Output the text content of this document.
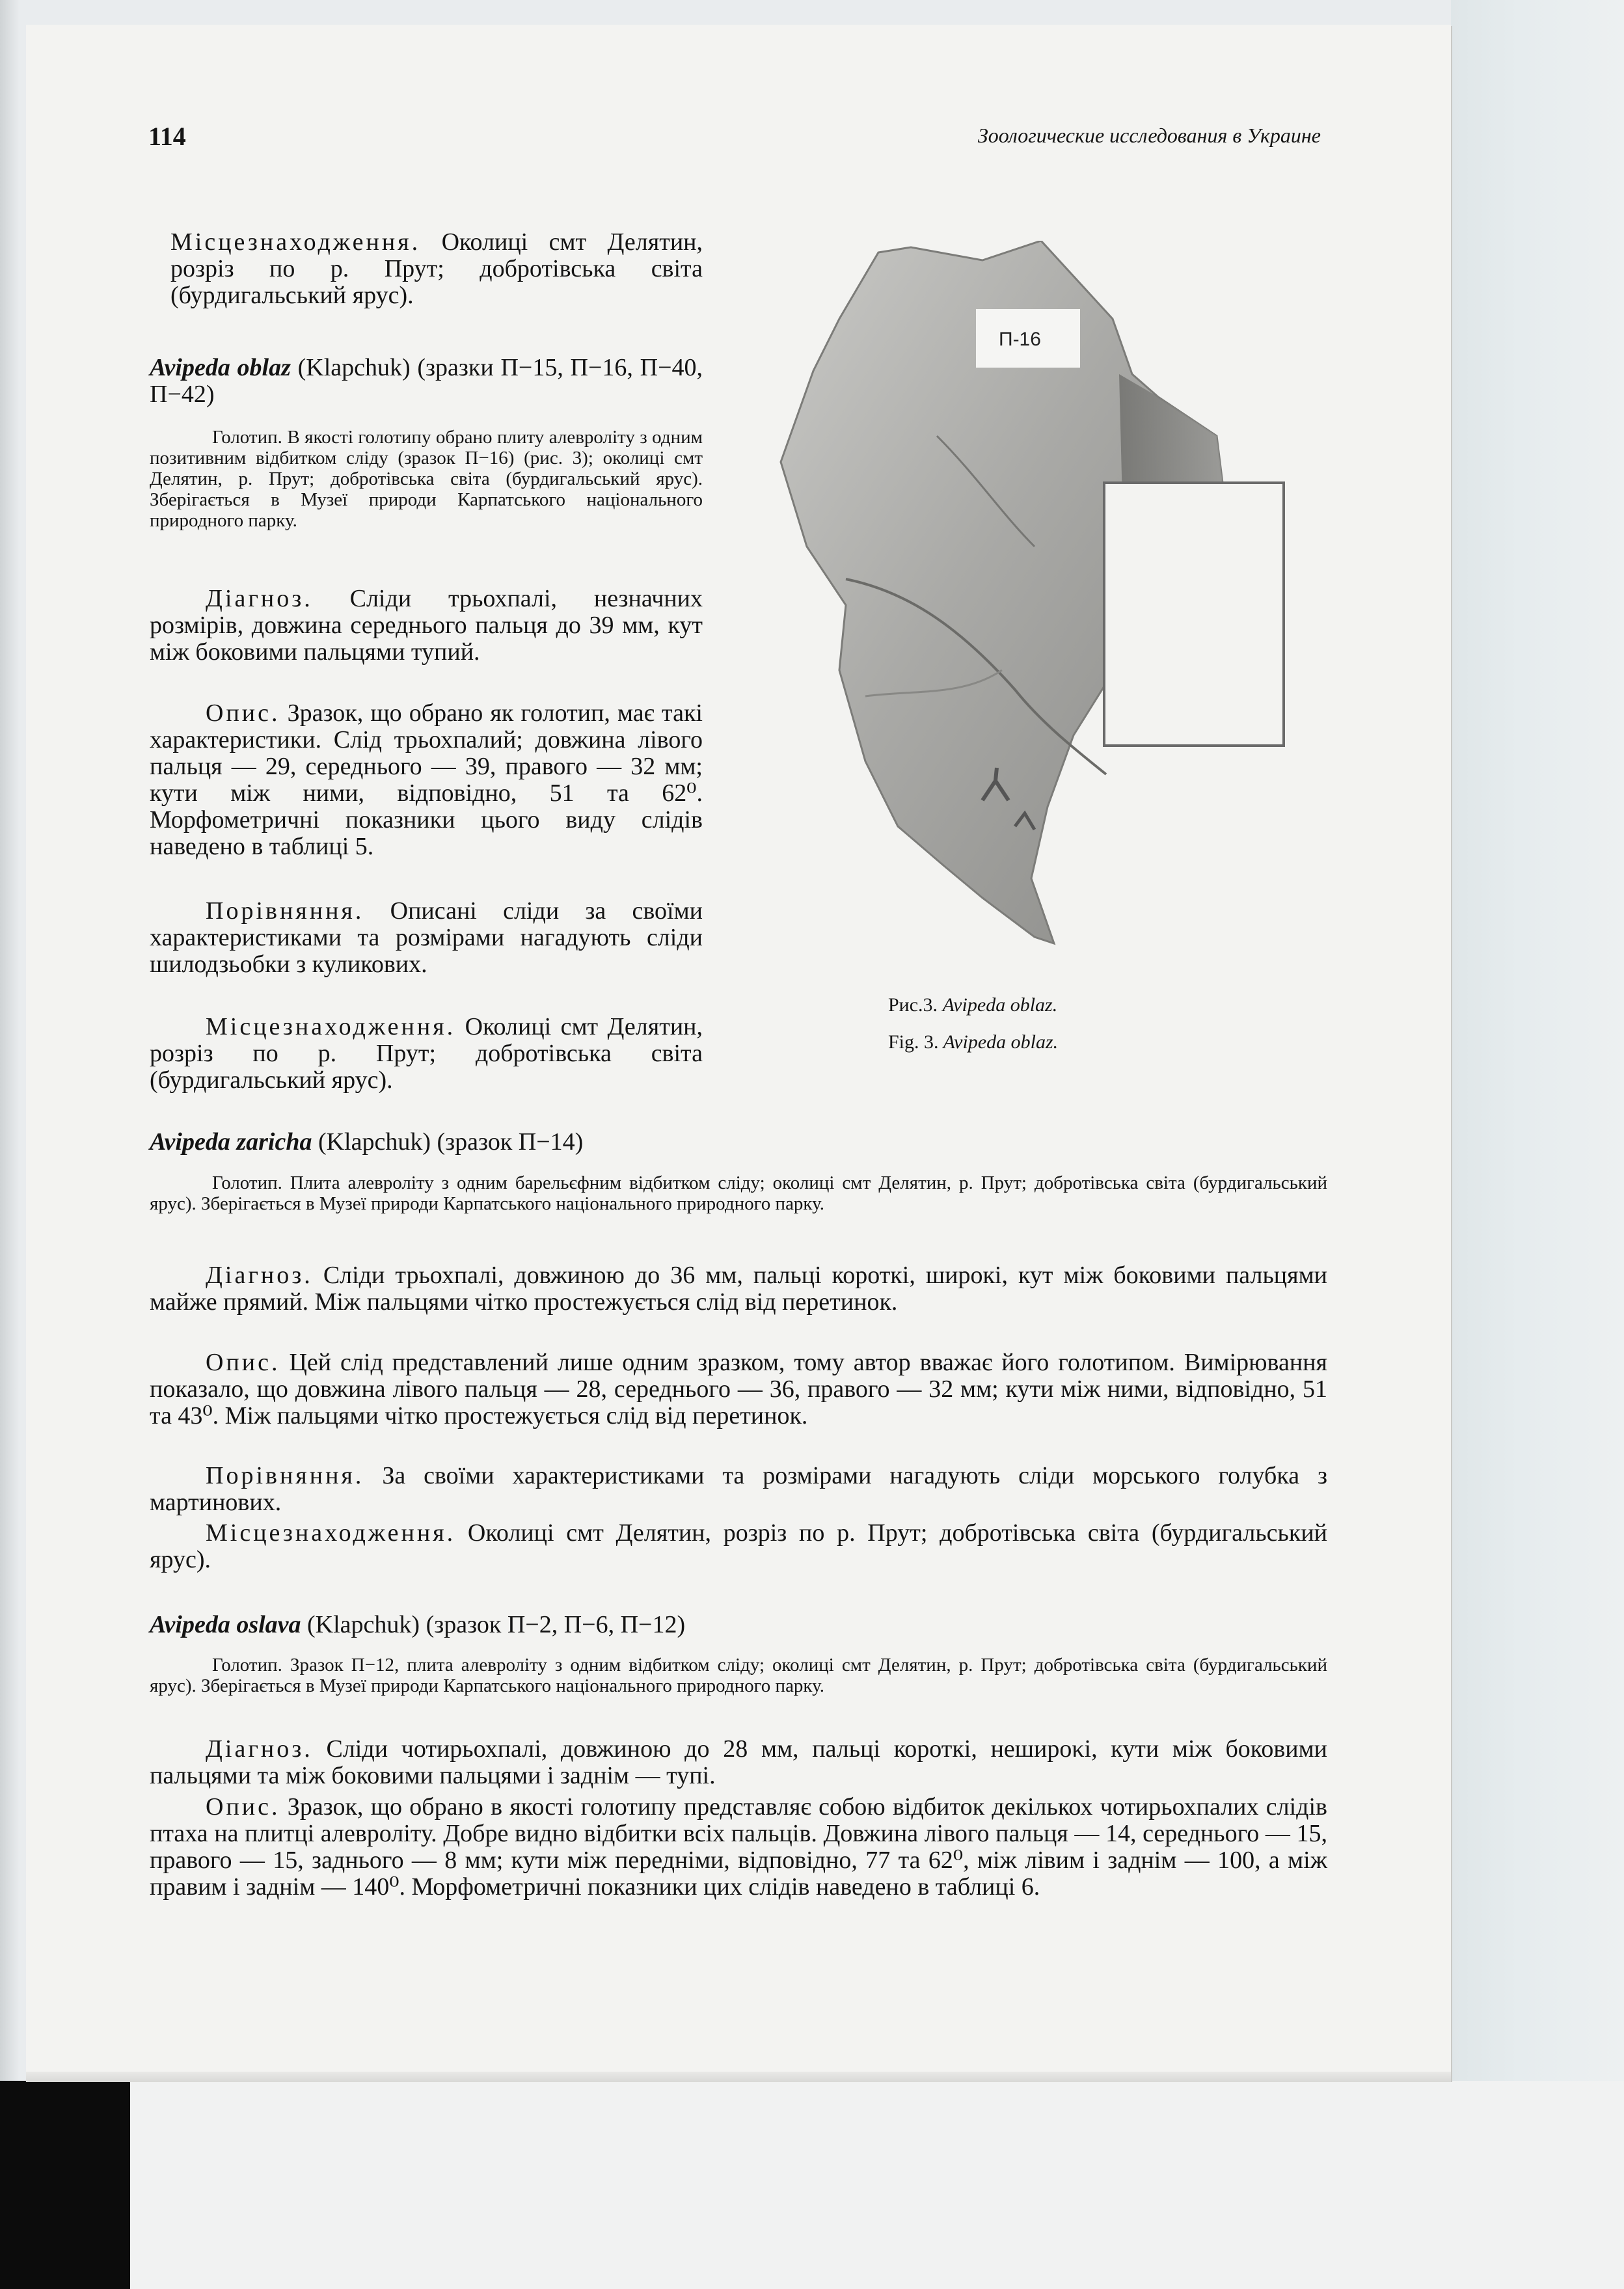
114	Зоологические исследования в Украине

Місцезнаходження. Околиці смт Делятин, розріз по р. Прут; добротівська світа (бурдигальський ярус).

Avipeda oblaz (Klapchuk) (зразки П−15, П−16, П−40, П−42)

Голотип. В якості голотипу обрано плиту алевроліту з одним позитивним відбитком сліду (зразок П−16) (рис. 3); околиці смт Делятин, р. Прут; добротівська світа (бурдигальський ярус). Зберігається в Музеї природи Карпатського національного природного парку.

Діагноз. Сліди трьохпалі, незначних розмірів, довжина середнього пальця до 39 мм, кут між боковими пальцями тупий.

Опис. Зразок, що обрано як голотип, має такі характеристики. Слід трьохпалий; довжина лівого пальця — 29, середнього — 39, правого — 32 мм; кути між ними, відповідно, 51 та 62⁰. Морфометричні показники цього виду слідів наведено в таблиці 5.

Порівняння. Описані сліди за своїми характеристиками та розмірами нагадують сліди шилодзьобки з куликових.

Місцезнаходження. Околиці смт Делятин, розріз по р. Прут; добротівська світа (бурдигальський ярус).

П-16
Рис.3. Avipeda oblaz.
Fig. 3. Avipeda oblaz.

Avipeda zaricha (Klapchuk) (зразок П−14)

Голотип. Плита алевроліту з одним барельєфним відбитком сліду; околиці смт Делятин, р. Прут; добротівська світа (бурдигальський ярус). Зберігається в Музеї природи Карпатського національного природного парку.

Діагноз. Сліди трьохпалі, довжиною до 36 мм, пальці короткі, широкі, кут між боковими пальцями майже прямий. Між пальцями чітко простежується слід від перетинок.

Опис. Цей слід представлений лише одним зразком, тому автор вважає його голотипом. Вимірювання показало, що довжина лівого пальця — 28, середнього — 36, правого — 32 мм; кути між ними, відповідно, 51 та 43⁰. Між пальцями чітко простежується слід від перетинок.

Порівняння. За своїми характеристиками та розмірами нагадують сліди морського голубка з мартинових.

Місцезнаходження. Околиці смт Делятин, розріз по р. Прут; добротівська світа (бурдигальський ярус).

Avipeda oslava (Klapchuk) (зразок П−2, П−6, П−12)

Голотип. Зразок П−12, плита алевроліту з одним відбитком сліду; околиці смт Делятин, р. Прут; добротівська світа (бурдигальський ярус). Зберігається в Музеї природи Карпатського національного природного парку.

Діагноз. Сліди чотирьохпалі, довжиною до 28 мм, пальці короткі, нешироκі, кути між боковими пальцями та між боковими пальцями і заднім — тупі.

Опис. Зразок, що обрано в якості голотипу представляє собою відбиток декількох чотирьохпалих слідів птаха на плитці алевроліту. Добре видно відбитки всіх пальців. Довжина лівого пальця — 14, середнього — 15, правого — 15, заднього — 8 мм; кути між передніми, відповідно, 77 та 62⁰, між лівим і заднім — 100, а між правим і заднім — 140⁰. Морфометричні показники цих слідів наведено в таблиці 6.
